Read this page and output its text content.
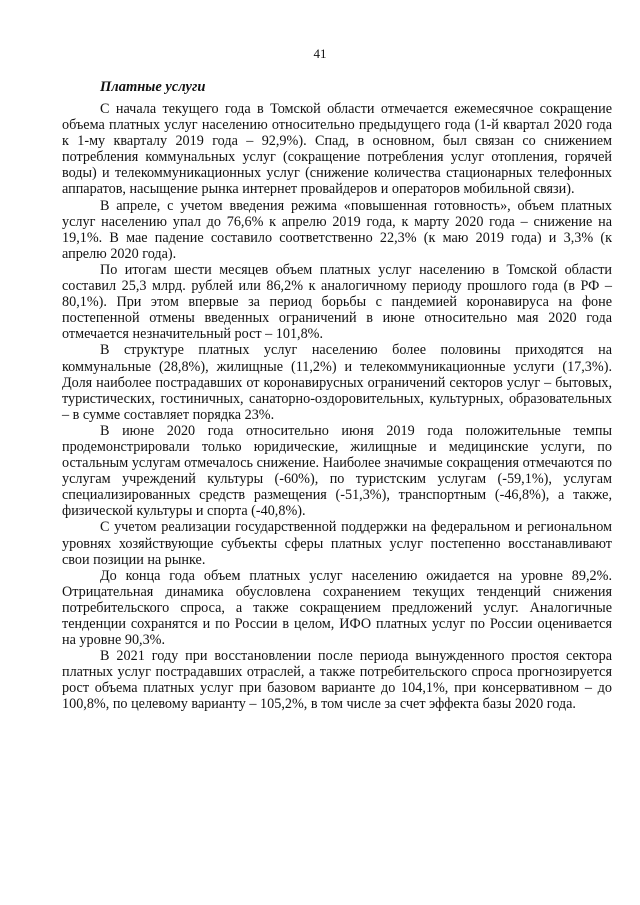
41
Платные услуги

С начала текущего года в Томской области отмечается ежемесячное сокращение объема платных услуг населению относительно предыдущего года (1-й квартал 2020 года к 1-му кварталу 2019 года – 92,9%). Спад, в основном, был связан со снижением потребления коммунальных услуг (сокращение потребления услуг отопления, горячей воды) и телекоммуникационных услуг (снижение количества стационарных телефонных аппаратов, насыщение рынка интернет провайдеров и операторов мобильной связи).

В апреле, с учетом введения режима «повышенная готовность», объем платных услуг населению упал до 76,6% к апрелю 2019 года, к марту 2020 года – снижение на 19,1%. В мае падение составило соответственно 22,3% (к маю 2019 года) и 3,3% (к апрелю 2020 года).

По итогам шести месяцев объем платных услуг населению в Томской области составил 25,3 млрд. рублей или 86,2% к аналогичному периоду прошлого года (в РФ – 80,1%). При этом впервые за период борьбы с пандемией коронавируса на фоне постепенной отмены введенных ограничений в июне относительно мая 2020 года отмечается незначительный рост – 101,8%.

В структуре платных услуг населению более половины приходятся на коммунальные (28,8%), жилищные (11,2%) и телекоммуникационные услуги (17,3%). Доля наиболее пострадавших от коронавирусных ограничений секторов услуг – бытовых, туристических, гостиничных, санаторно-оздоровительных, культурных, образовательных – в сумме составляет порядка 23%.

В июне 2020 года относительно июня 2019 года положительные темпы продемонстрировали только юридические, жилищные и медицинские услуги, по остальным услугам отмечалось снижение. Наиболее значимые сокращения отмечаются по услугам учреждений культуры (-60%), по туристским услугам (-59,1%), услугам специализированных средств размещения (-51,3%), транспортным (-46,8%), а также, физической культуры и спорта (-40,8%).

С учетом реализации государственной поддержки на федеральном и региональном уровнях хозяйствующие субъекты сферы платных услуг постепенно восстанавливают свои позиции на рынке.

До конца года объем платных услуг населению ожидается на уровне 89,2%. Отрицательная динамика обусловлена сохранением текущих тенденций снижения потребительского спроса, а также сокращением предложений услуг. Аналогичные тенденции сохранятся и по России в целом, ИФО платных услуг по России оценивается на уровне 90,3%.

В 2021 году при восстановлении после периода вынужденного простоя сектора платных услуг пострадавших отраслей, а также потребительского спроса прогнозируется рост объема платных услуг при базовом варианте до 104,1%, при консервативном – до 100,8%, по целевому варианту – 105,2%, в том числе за счет эффекта базы 2020 года.
